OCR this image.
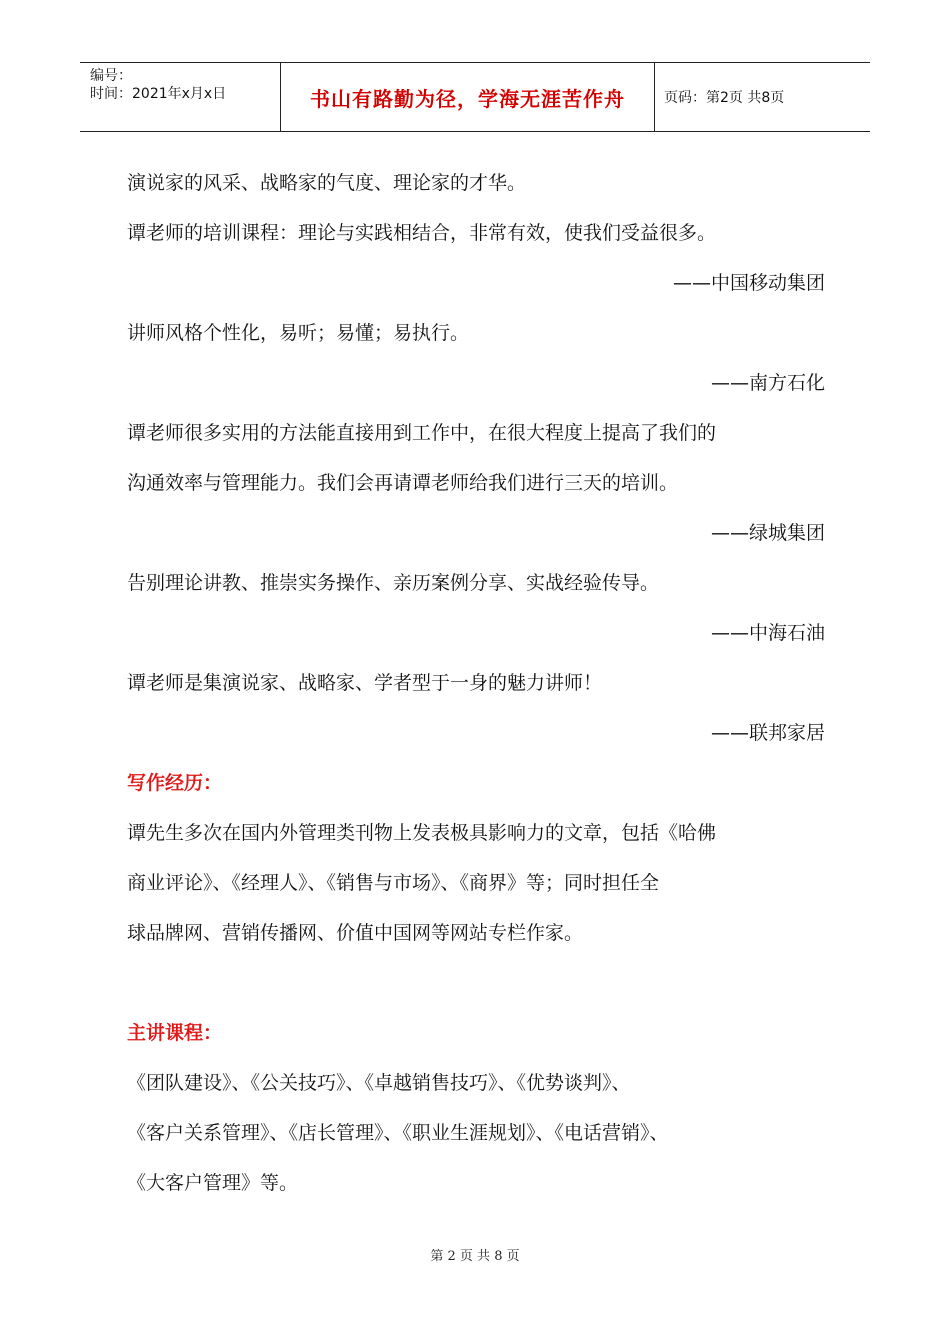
编号：
时间：2021年x月x日	书山有路勤为径，学海无涯苦作舟	页码：第2页 共8页
演说家的风采、战略家的气度、理论家的才华。
谭老师的培训课程：理论与实践相结合，非常有效，使我们受益很多。
——中国移动集团
讲师风格个性化，易听；易懂；易执行。
——南方石化
谭老师很多实用的方法能直接用到工作中，在很大程度上提高了我们的
沟通效率与管理能力。我们会再请谭老师给我们进行三天的培训。
——绿城集团
告别理论讲教、推崇实务操作、亲历案例分享、实战经验传导。
——中海石油
谭老师是集演说家、战略家、学者型于一身的魅力讲师！
——联邦家居
写作经历：
谭先生多次在国内外管理类刊物上发表极具影响力的文章，包括《哈佛
商业评论》、《经理人》、《销售与市场》、《商界》等；同时担任全
球品牌网、营销传播网、价值中国网等网站专栏作家。
主讲课程：
《团队建设》、《公关技巧》、《卓越销售技巧》、《优势谈判》、
《客户关系管理》、《店长管理》、《职业生涯规划》、《电话营销》、
《大客户管理》等。
第 2 页 共 8 页
